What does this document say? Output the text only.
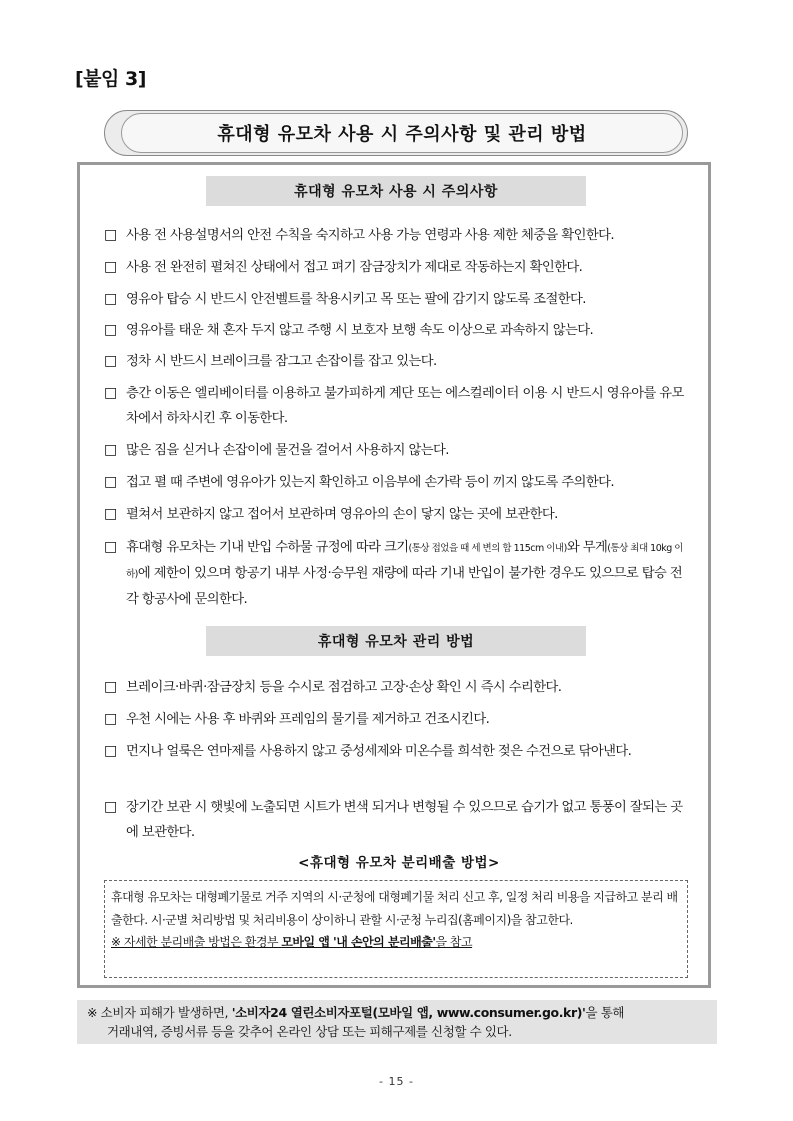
[붙임 3]
휴대형 유모차 사용 시 주의사항 및 관리 방법
휴대형 유모차 사용 시 주의사항
□ 사용 전 사용설명서의 안전 수칙을 숙지하고 사용 가능 연령과 사용 제한 체중을 확인한다.
□ 사용 전 완전히 펼쳐진 상태에서 접고 펴기 잠금장치가 제대로 작동하는지 확인한다.
□ 영유아 탑승 시 반드시 안전벨트를 착용시키고 목 또는 팔에 감기지 않도록 조절한다.
□ 영유아를 태운 채 혼자 두지 않고 주행 시 보호자 보행 속도 이상으로 과속하지 않는다.
□ 정차 시 반드시 브레이크를 잠그고 손잡이를 잡고 있는다.
□ 층간 이동은 엘리베이터를 이용하고 불가피하게 계단 또는 에스컬레이터 이용 시 반드시 영유아를 유모차에서 하차시킨 후 이동한다.
□ 많은 짐을 싣거나 손잡이에 물건을 걸어서 사용하지 않는다.
□ 접고 펼 때 주변에 영유아가 있는지 확인하고 이음부에 손가락 등이 끼지 않도록 주의한다.
□ 펼쳐서 보관하지 않고 접어서 보관하며 영유아의 손이 닿지 않는 곳에 보관한다.
□ 휴대형 유모차는 기내 반입 수하물 규정에 따라 크기(통상 접었을 때 세 변의 합 115cm 이내)와 무게(통상 최대 10kg 이하)에 제한이 있으며 항공기 내부 사정·승무원 재량에 따라 기내 반입이 불가한 경우도 있으므로 탑승 전 각 항공사에 문의한다.
휴대형 유모차 관리 방법
□ 브레이크·바퀴·잠금장치 등을 수시로 점검하고 고장·손상 확인 시 즉시 수리한다.
□ 우천 시에는 사용 후 바퀴와 프레임의 물기를 제거하고 건조시킨다.
□ 먼지나 얼룩은 연마제를 사용하지 않고 중성세제와 미온수를 희석한 젖은 수건으로 닦아낸다.
□ 장기간 보관 시 햇빛에 노출되면 시트가 변색 되거나 변형될 수 있으므로 습기가 없고 통풍이 잘되는 곳에 보관한다.
<휴대형 유모차 분리배출 방법>
휴대형 유모차는 대형폐기물로 거주 지역의 시·군청에 대형폐기물 처리 신고 후, 일정 처리 비용을 지급하고 분리 배출한다. 시·군별 처리방법 및 처리비용이 상이하니 관할 시·군청 누리집(홈페이지)을 참고한다.
※ 자세한 분리배출 방법은 환경부 모바일 앱 '내 손안의 분리배출'을 참고
※ 소비자 피해가 발생하면, '소비자24 열린소비자포털(모바일 앱, www.consumer.go.kr)'을 통해
거래내역, 증빙서류 등을 갖추어 온라인 상담 또는 피해구제를 신청할 수 있다.
- 15 -
